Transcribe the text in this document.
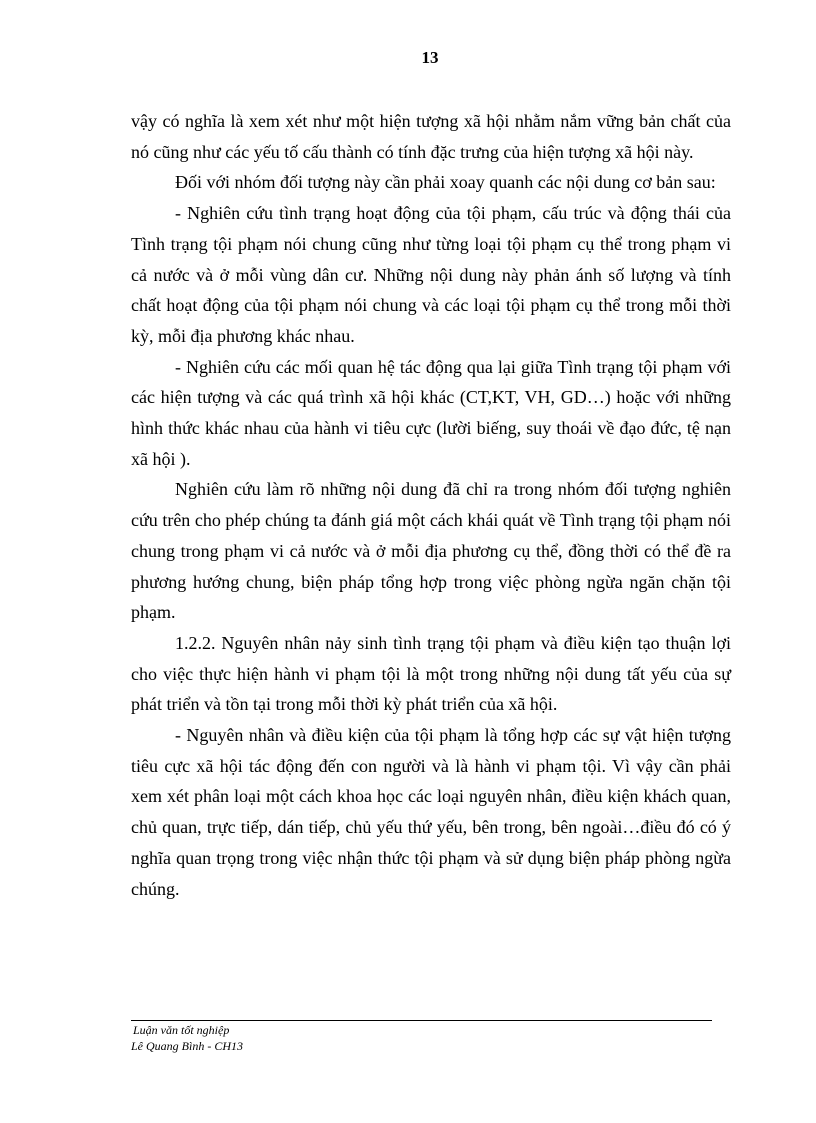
13

vậy có nghĩa là xem xét như một hiện tượng xã hội nhằm nắm vững bản chất của nó cũng như các yếu tố cấu thành có tính đặc trưng của hiện tượng xã hội này.

Đối với nhóm đối tượng này cần phải xoay quanh các nội dung cơ bản sau:

- Nghiên cứu tình trạng hoạt động của tội phạm, cấu trúc và động thái của Tình trạng tội phạm nói chung cũng như từng loại tội phạm cụ thể trong phạm vi cả nước và ở mỗi vùng dân cư. Những nội dung này phản ánh số lượng và tính chất hoạt động của tội phạm nói chung và các loại tội phạm cụ thể trong mỗi thời kỳ, mỗi địa phương khác nhau.

- Nghiên cứu các mối quan hệ tác động qua lại giữa Tình trạng tội phạm với các hiện tượng và các quá trình xã hội khác (CT,KT, VH, GD…) hoặc với những hình thức khác nhau của hành vi tiêu cực (lười biếng, suy thoái về đạo đức, tệ nạn xã hội ).

Nghiên cứu làm rõ những nội dung đã chỉ ra trong nhóm đối tượng nghiên cứu trên cho phép chúng ta đánh giá một cách khái quát về Tình trạng tội phạm nói chung trong phạm vi cả nước và ở mỗi địa phương cụ thể, đồng thời có thể đề ra phương hướng chung, biện pháp tổng hợp trong việc phòng ngừa ngăn chặn tội phạm.

1.2.2. Nguyên nhân nảy sinh tình trạng tội phạm và điều kiện tạo thuận lợi cho việc thực hiện hành vi phạm tội là một trong những nội dung tất yếu của sự phát triển và tồn tại trong mỗi thời kỳ phát triển của xã hội.

- Nguyên nhân và điều kiện của tội phạm là tổng hợp các sự vật hiện tượng tiêu cực xã hội tác động đến con người và là hành vi phạm tội. Vì vậy cần phải xem xét phân loại một cách khoa học các loại nguyên nhân, điều kiện khách quan, chủ quan, trực tiếp, dán tiếp, chủ yếu thứ yếu, bên trong, bên ngoài…điều đó có ý nghĩa quan trọng trong việc nhận thức tội phạm và sử dụng biện pháp phòng ngừa chúng.

Luận văn tốt nghiệp
Lê Quang Bình - CH13
